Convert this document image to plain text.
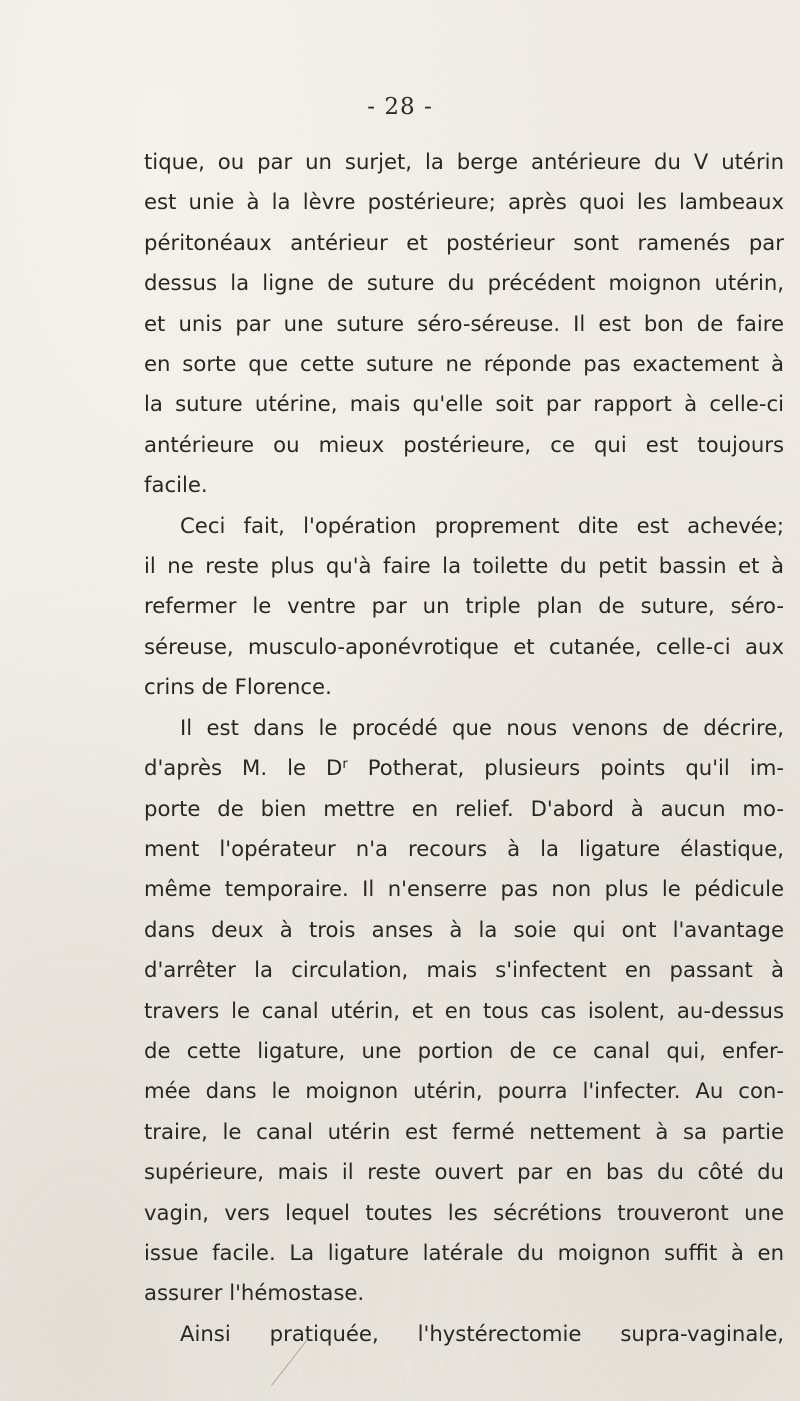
- 28 -
tique, ou par un surjet, la berge antérieure du V utérin
est unie à la lèvre postérieure; après quoi les lambeaux
péritonéaux antérieur et postérieur sont ramenés par
dessus la ligne de suture du précédent moignon utérin,
et unis par une suture séro-séreuse. Il est bon de faire
en sorte que cette suture ne réponde pas exactement à
la suture utérine, mais qu'elle soit par rapport à celle-ci
antérieure ou mieux postérieure, ce qui est toujours
facile.
Ceci fait, l'opération proprement dite est achevée;
il ne reste plus qu'à faire la toilette du petit bassin et à
refermer le ventre par un triple plan de suture, séro-
séreuse, musculo-aponévrotique et cutanée, celle-ci aux
crins de Florence.
Il est dans le procédé que nous venons de décrire,
d'après M. le $D^r$ Potherat, plusieurs points qu'il im-
porte de bien mettre en relief. D'abord à aucun mo-
ment l'opérateur n'a recours à la ligature élastique,
même temporaire. Il n'enserre pas non plus le pédicule
dans deux à trois anses à la soie qui ont l'avantage
d'arrêter la circulation, mais s'infectent en passant à
travers le canal utérin, et en tous cas isolent, au-dessus
de cette ligature, une portion de ce canal qui, enfer-
mée dans le moignon utérin, pourra l'infecter. Au con-
traire, le canal utérin est fermé nettement à sa partie
supérieure, mais il reste ouvert par en bas du côté du
vagin, vers lequel toutes les sécrétions trouveront une
issue facile. La ligature latérale du moignon suffit à en
assurer l'hémostase.
Ainsi pratiquée, l'hystérectomie supra-vaginale,
